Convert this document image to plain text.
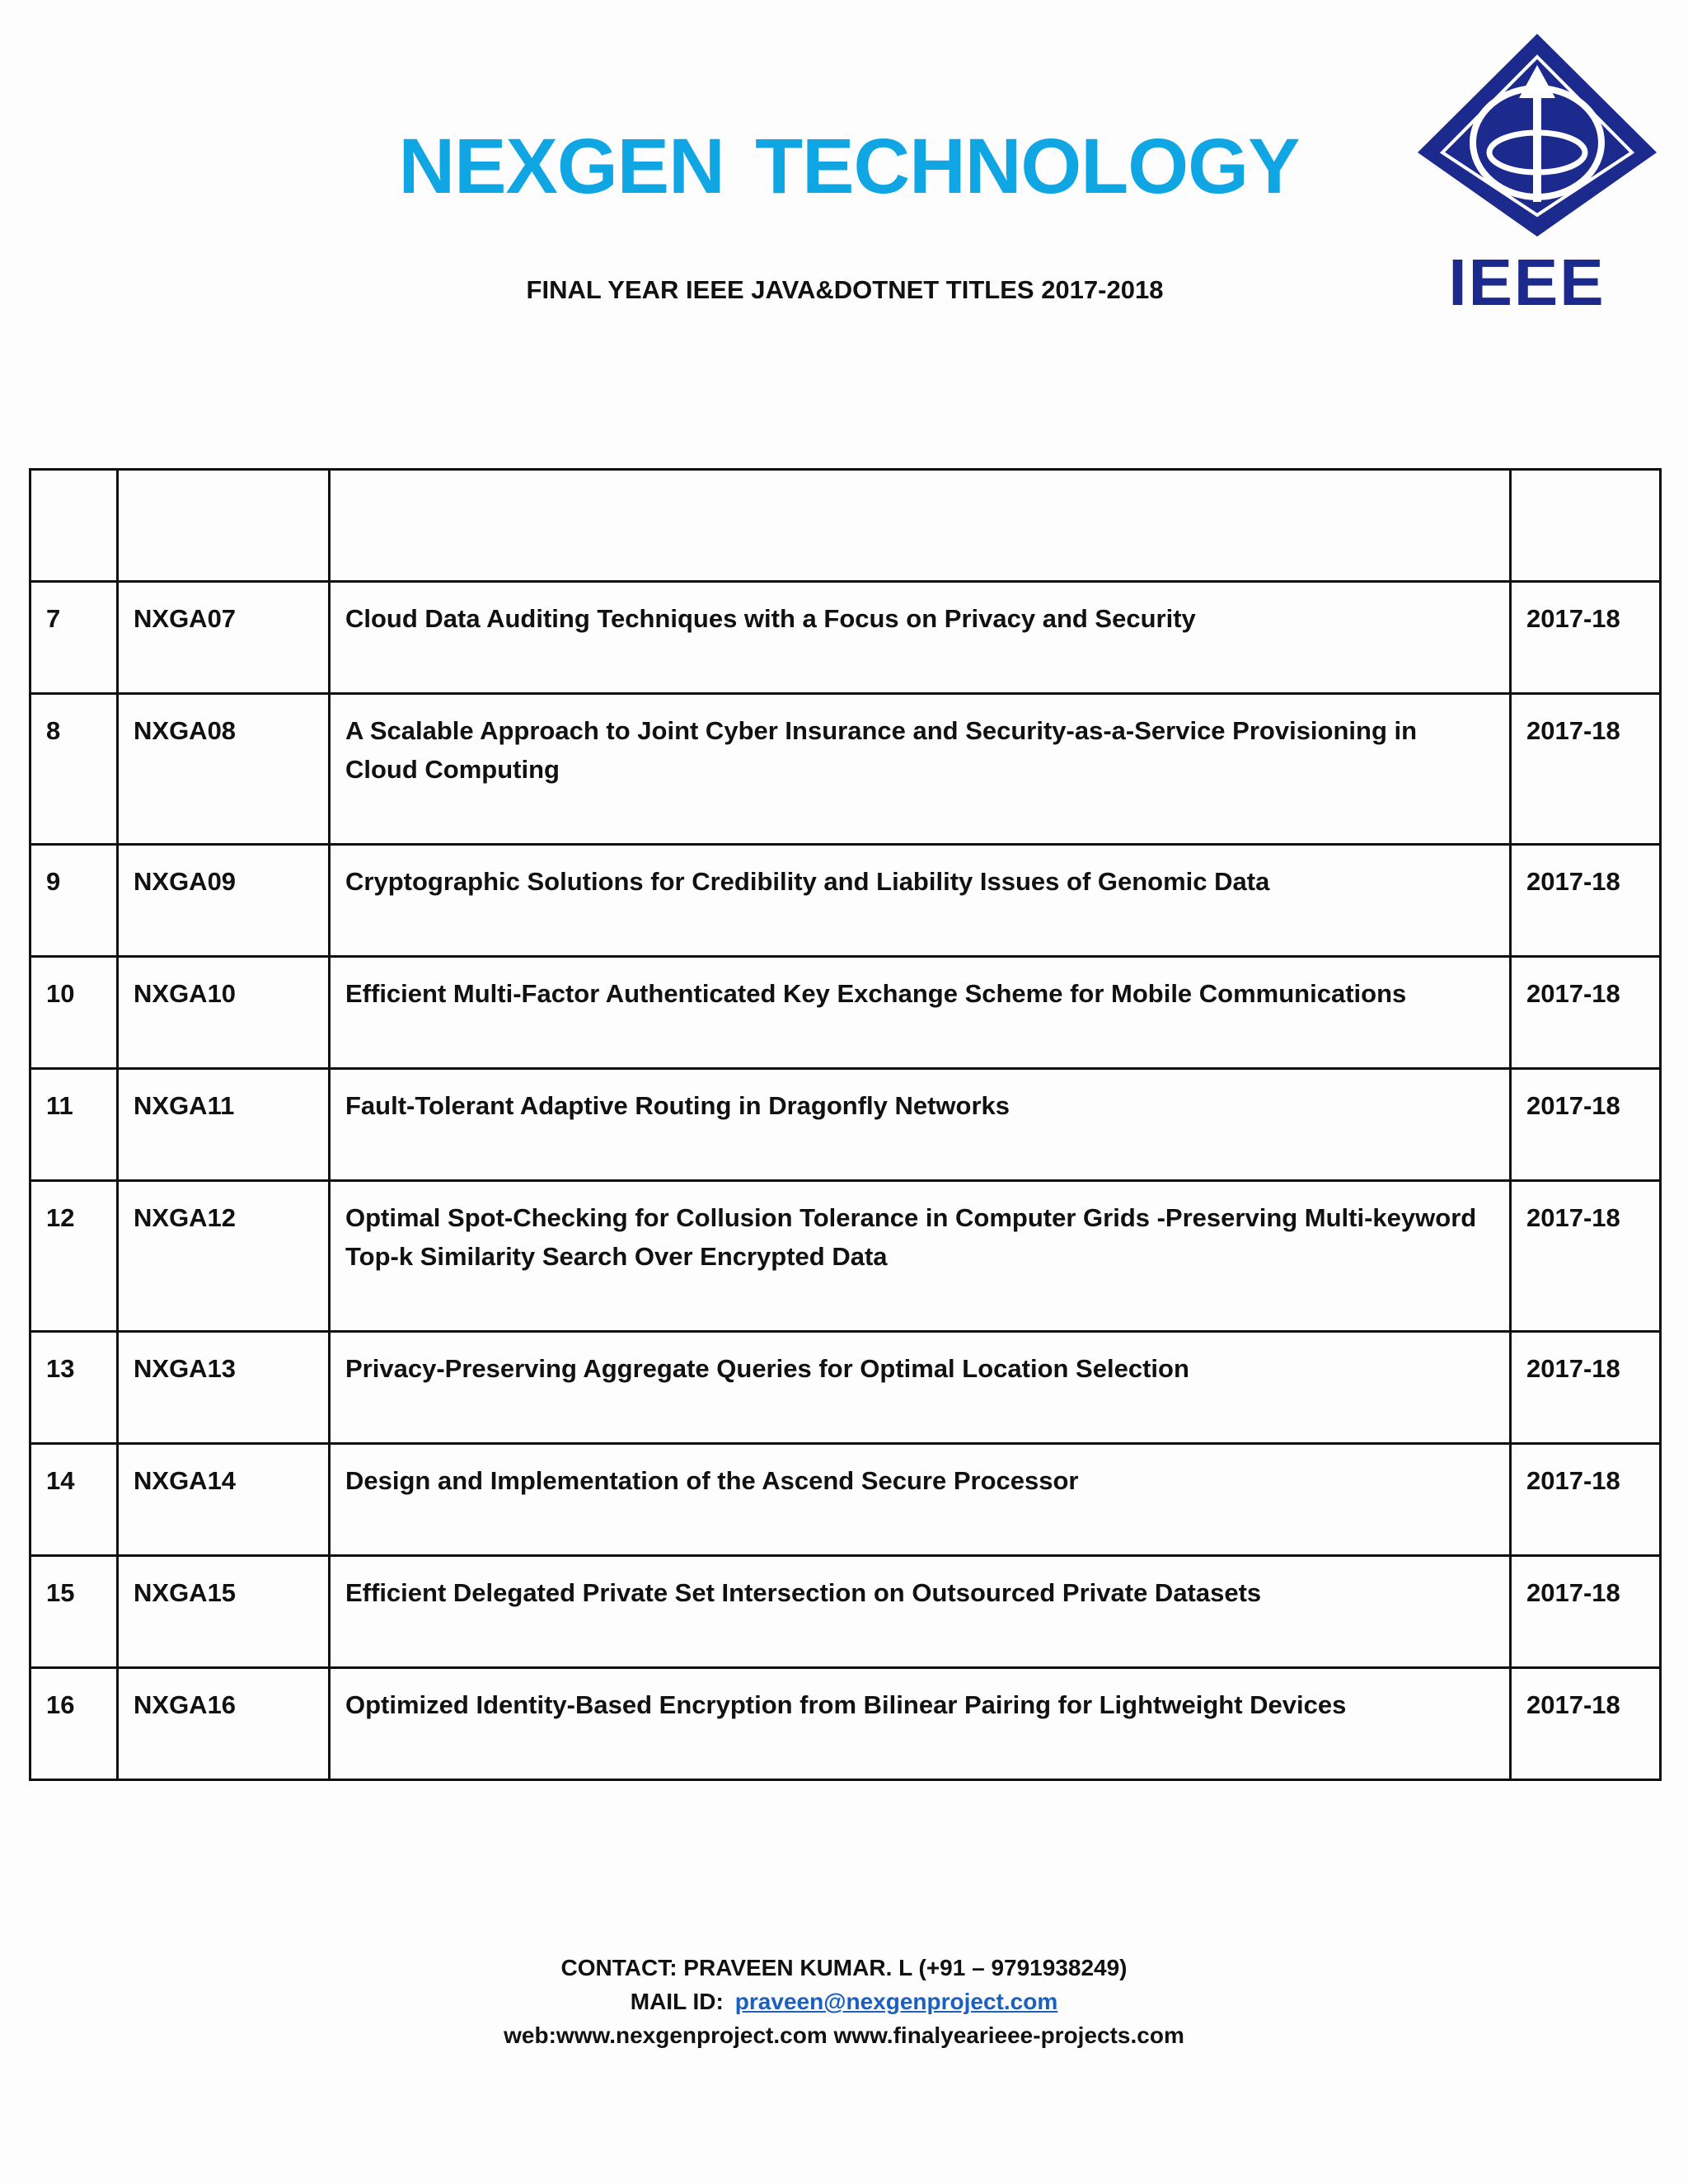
NEXGEN TECHNOLOGY
IEEE
FINAL YEAR IEEE JAVA&DOTNET TITLES 2017-2018

7	NXGA07	Cloud Data Auditing Techniques with a Focus on Privacy and Security	2017-18
8	NXGA08	A Scalable Approach to Joint Cyber Insurance and Security-as-a-Service Provisioning in Cloud Computing	2017-18
9	NXGA09	Cryptographic Solutions for Credibility and Liability Issues of Genomic Data	2017-18
10	NXGA10	Efficient Multi-Factor Authenticated Key Exchange Scheme for Mobile Communications	2017-18
11	NXGA11	Fault-Tolerant Adaptive Routing in Dragonfly Networks	2017-18
12	NXGA12	Optimal Spot-Checking for Collusion Tolerance in Computer Grids -Preserving Multi-keyword Top-k Similarity Search Over Encrypted Data	2017-18
13	NXGA13	Privacy-Preserving Aggregate Queries for Optimal Location Selection	2017-18
14	NXGA14	Design and Implementation of the Ascend Secure Processor	2017-18
15	NXGA15	Efficient Delegated Private Set Intersection on Outsourced Private Datasets	2017-18
16	NXGA16	Optimized Identity-Based Encryption from Bilinear Pairing for Lightweight Devices	2017-18
CONTACT: PRAVEEN KUMAR. L (+91 – 9791938249)
MAIL ID: praveen@nexgenproject.com
web:www.nexgenproject.com www.finalyearieee-projects.com
